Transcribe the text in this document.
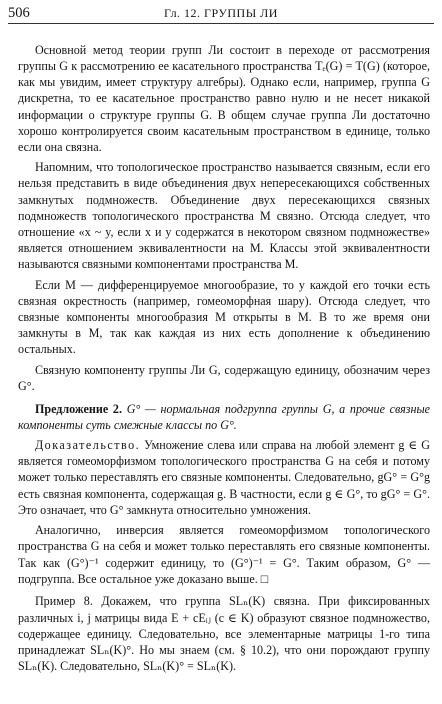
506	Гл. 12. ГРУППЫ ЛИ

Основной метод теории групп Ли состоит в переходе от рассмотрения группы G к рассмотрению ее касательного пространства Tₑ(G) = T(G) (которое, как мы увидим, имеет структуру алгебры). Однако если, например, группа G дискретна, то ее касательное пространство равно нулю и не несет никакой информации о структуре группы G. В общем случае группа Ли достаточно хорошо контролируется своим касательным пространством в единице, только если она связна.

Напомним, что топологическое пространство называется связным, если его нельзя представить в виде объединения двух непересекающихся собственных замкнутых подмножеств. Объединение двух пересекающихся связных подмножеств топологического пространства M связно. Отсюда следует, что отношение «x ~ y, если x и y содержатся в некотором связном подмножестве» является отношением эквивалентности на M. Классы этой эквивалентности называются связными компонентами пространства M.

Если M — дифференцируемое многообразие, то у каждой его точки есть связная окрестность (например, гомеоморфная шару). Отсюда следует, что связные компоненты многообразия M открыты в M. В то же время они замкнуты в M, так как каждая из них есть дополнение к объединению остальных.

Связную компоненту группы Ли G, содержащую единицу, обозначим через G°.

Предложение 2. G° — нормальная подгруппа группы G, а прочие связные компоненты суть смежные классы по G°.

Доказательство. Умножение слева или справа на любой элемент g ∈ G является гомеоморфизмом топологического пространства G на себя и потому может только переставлять его связные компоненты. Следовательно, gG° = G°g есть связная компонента, содержащая g. В частности, если g ∈ G°, то gG° = G°. Это означает, что G° замкнута относительно умножения.

Аналогично, инверсия является гомеоморфизмом топологического пространства G на себя и может только переставлять его связные компоненты. Так как (G°)⁻¹ содержит единицу, то (G°)⁻¹ = G°. Таким образом, G° — подгруппа. Все остальное уже доказано выше. □

Пример 8. Докажем, что группа SLₙ(K) связна. При фиксированных различных i, j матрицы вида E + cEᵢⱼ (c ∈ K) образуют связное подмножество, содержащее единицу. Следовательно, все элементарные матрицы 1-го типа принадлежат SLₙ(K)°. Но мы знаем (см. § 10.2), что они порождают группу SLₙ(K). Следовательно, SLₙ(K)° = SLₙ(K).
